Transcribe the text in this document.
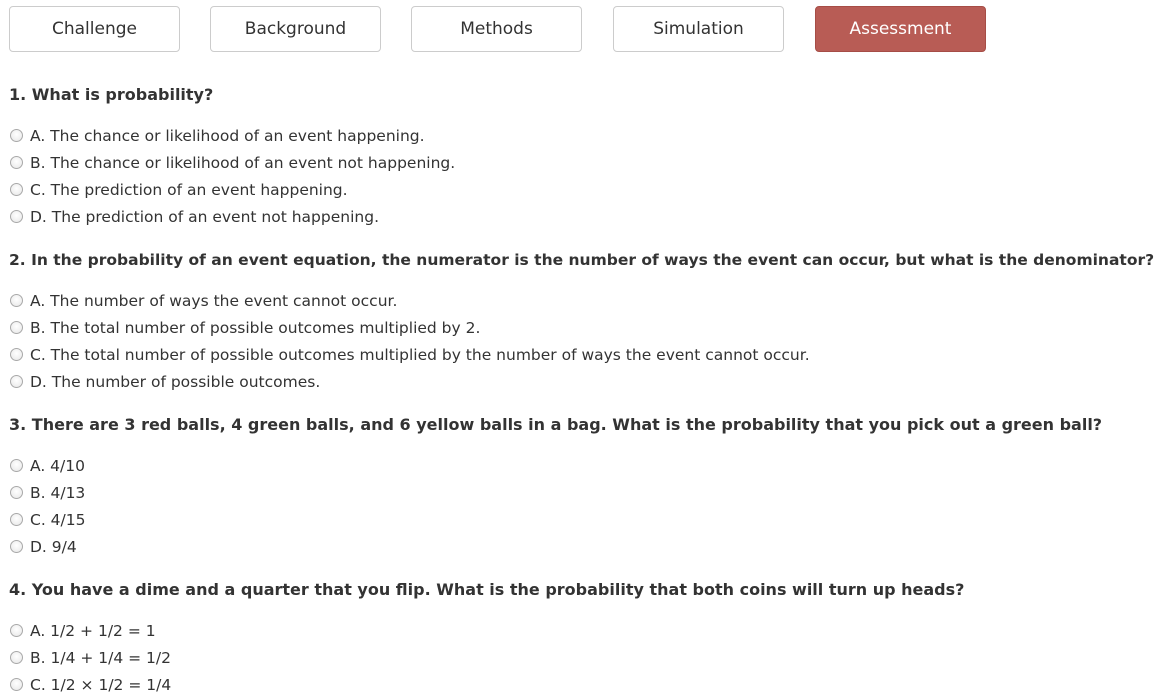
Challenge	Background	Methods	Simulation	Assessment
1. What is probability?
A. The chance or likelihood of an event happening.
B. The chance or likelihood of an event not happening.
C. The prediction of an event happening.
D. The prediction of an event not happening.
2. In the probability of an event equation, the numerator is the number of ways the event can occur, but what is the denominator?
A. The number of ways the event cannot occur.
B. The total number of possible outcomes multiplied by 2.
C. The total number of possible outcomes multiplied by the number of ways the event cannot occur.
D. The number of possible outcomes.
3. There are 3 red balls, 4 green balls, and 6 yellow balls in a bag. What is the probability that you pick out a green ball?
A. 4/10
B. 4/13
C. 4/15
D. 9/4
4. You have a dime and a quarter that you flip. What is the probability that both coins will turn up heads?
A. 1/2 + 1/2 = 1
B. 1/4 + 1/4 = 1/2
C. 1/2 × 1/2 = 1/4
